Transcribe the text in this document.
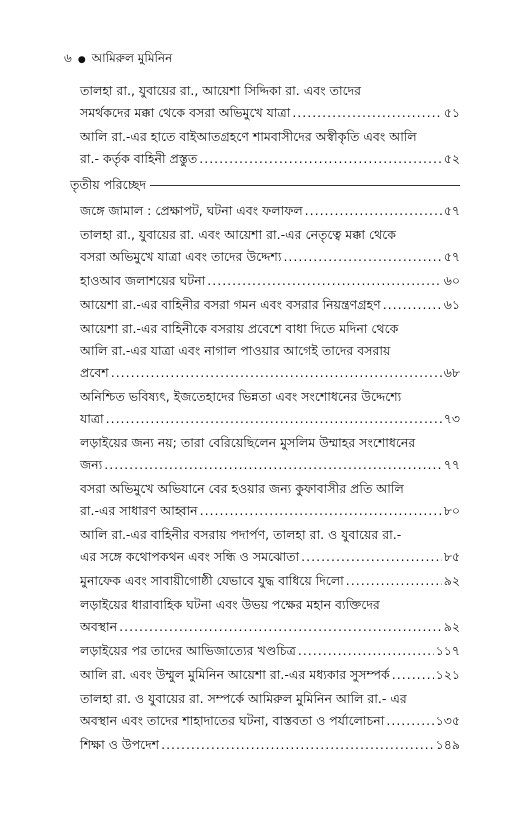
৬ ● আমিরুল মুমিনিন
তালহা রা., যুবায়ের রা., আয়েশা সিদ্দিকা রা. এবং তাদের
সমর্থকদের মক্কা থেকে বসরা অভিমুখে যাত্রা .....	৫১
আলি রা.-এর হাতে বাইআতগ্রহণে শামবাসীদের অস্বীকৃতি এবং আলি
রা.- কর্তৃক বাহিনী প্রস্তুত .....	৫২
তৃতীয় পরিচ্ছেদ
জঙ্গে জামাল : প্রেক্ষাপট, ঘটনা এবং ফলাফল .....	৫৭
তালহা রা., যুবায়ের রা. এবং আয়েশা রা.-এর নেতৃত্বে মক্কা থেকে
বসরা অভিমুখে যাত্রা এবং তাদের উদ্দেশ্য .....	৫৭
হাওআব জলাশয়ের ঘটনা .....	৬০
আয়েশা রা.-এর বাহিনীর বসরা গমন এবং বসরার নিয়ন্ত্রণগ্রহণ .....	৬১
আয়েশা রা.-এর বাহিনীকে বসরায় প্রবেশে বাধা দিতে মদিনা থেকে
আলি রা.-এর যাত্রা এবং নাগাল পাওয়ার আগেই তাদের বসরায়
প্রবেশ .....	৬৮
অনিশ্চিত ভবিষ্যৎ, ইজতেহাদের ভিন্নতা এবং সংশোধনের উদ্দেশ্যে
যাত্রা .....	৭৩
লড়াইয়ের জন্য নয়; তারা বেরিয়েছিলেন মুসলিম উম্মাহর সংশোধনের
জন্য .....	৭৭
বসরা অভিমুখে অভিযানে বের হওয়ার জন্য কুফাবাসীর প্রতি আলি
রা.-এর সাধারণ আহ্বান .....	৮০
আলি রা.-এর বাহিনীর বসরায় পদার্পণ, তালহা রা. ও যুবায়ের রা.-
এর সঙ্গে কথোপকথন এবং সন্ধি ও সমঝোতা .....	৮৫
মুনাফেক এবং সাবায়ীগোষ্ঠী যেভাবে যুদ্ধ বাধিয়ে দিলো .....	৯২
লড়াইয়ের ধারাবাহিক ঘটনা এবং উভয় পক্ষের মহান ব্যক্তিদের
অবস্থান .....	৯২
লড়াইয়ের পর তাদের আভিজাত্যের খণ্ডচিত্র .....	১১৭
আলি রা. এবং উম্মুল মুমিনিন আয়েশা রা.-এর মধ্যকার সুসম্পর্ক .....	১২১
তালহা রা. ও যুবায়ের রা. সম্পর্কে আমিরুল মুমিনিন আলি রা.- এর
অবস্থান এবং তাদের শাহাদাতের ঘটনা, বাস্তবতা ও পর্যালোচনা .....	১৩৫
শিক্ষা ও উপদেশ .....	১৪৯
